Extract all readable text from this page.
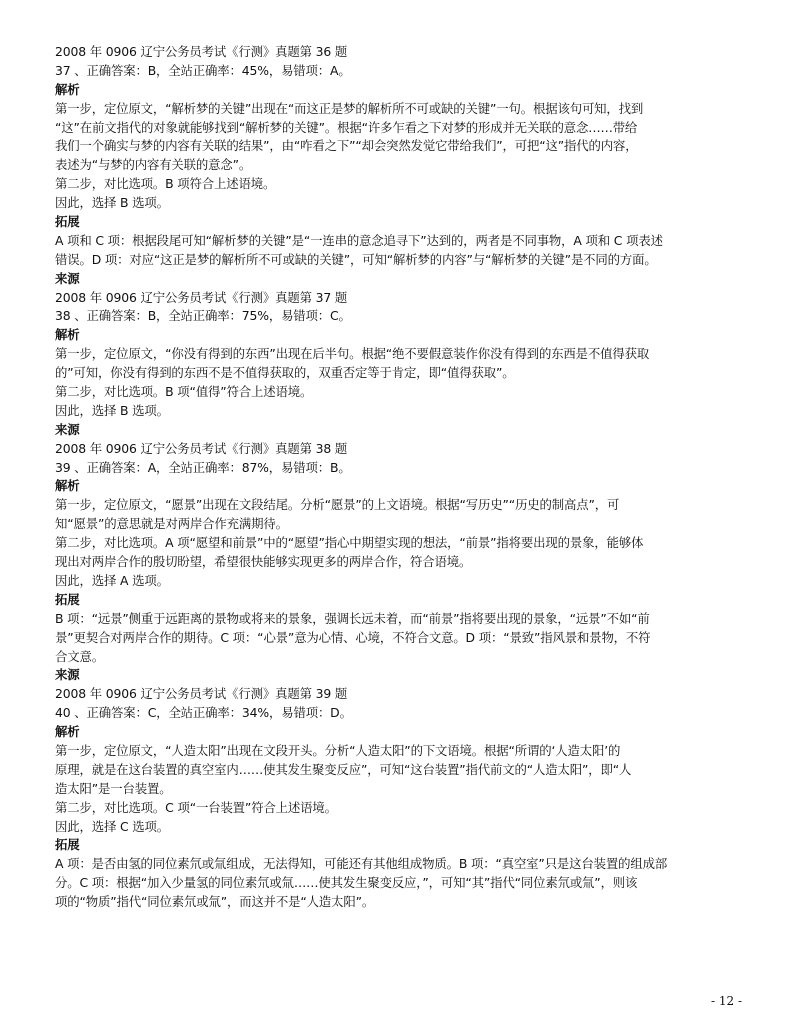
2008 年 0906 辽宁公务员考试《行测》真题第 36 题
37 、正确答案：B，全站正确率：45%，易错项：A。
解析
第一步，定位原文，“解析梦的关键”出现在“而这正是梦的解析所不可或缺的关键”一句。根据该句可知，找到
“这”在前文指代的对象就能够找到“解析梦的关键”。根据“许多乍看之下对梦的形成并无关联的意念……带给
我们一个确实与梦的内容有关联的结果”，由“咋看之下”“却会突然发觉它带给我们”，可把“这”指代的内容，
表述为“与梦的内容有关联的意念”。
第二步，对比选项。B 项符合上述语境。
因此，选择 B 选项。
拓展
A 项和 C 项：根据段尾可知“解析梦的关键”是“一连串的意念追寻下”达到的，两者是不同事物，A 项和 C 项表述
错误。D 项：对应“这正是梦的解析所不可或缺的关键”，可知“解析梦的内容”与“解析梦的关键”是不同的方面。
来源
2008 年 0906 辽宁公务员考试《行测》真题第 37 题
38 、正确答案：B，全站正确率：75%，易错项：C。
解析
第一步，定位原文，“你没有得到的东西”出现在后半句。根据“绝不要假意装作你没有得到的东西是不值得获取
的”可知，你没有得到的东西不是不值得获取的，双重否定等于肯定，即“值得获取”。
第二步，对比选项。B 项“值得”符合上述语境。
因此，选择 B 选项。
来源
2008 年 0906 辽宁公务员考试《行测》真题第 38 题
39 、正确答案：A，全站正确率：87%，易错项：B。
解析
第一步，定位原文，“愿景”出现在文段结尾。分析“愿景”的上文语境。根据“写历史”“历史的制高点”，可
知“愿景”的意思就是对两岸合作充满期待。
第二步，对比选项。A 项“愿望和前景”中的“愿望”指心中期望实现的想法，“前景”指将要出现的景象，能够体
现出对两岸合作的殷切盼望，希望很快能够实现更多的两岸合作，符合语境。
因此，选择 A 选项。
拓展
B 项：“远景”侧重于远距离的景物或将来的景象，强调长远未着，而“前景”指将要出现的景象，“远景”不如“前
景”更契合对两岸合作的期待。C 项：“心景”意为心情、心境，不符合文意。D 项：“景致”指风景和景物，不符
合文意。
来源
2008 年 0906 辽宁公务员考试《行测》真题第 39 题
40 、正确答案：C，全站正确率：34%，易错项：D。
解析
第一步，定位原文，“人造太阳”出现在文段开头。分析“人造太阳”的下文语境。根据“所谓的‘人造太阳’的
原理，就是在这台装置的真空室内……使其发生聚变反应”，可知“这台装置”指代前文的“人造太阳”，即“人
造太阳”是一台装置。
第二步，对比选项。C 项“一台装置”符合上述语境。
因此，选择 C 选项。
拓展
A 项：是否由氢的同位素氘或氚组成，无法得知，可能还有其他组成物质。B 项：“真空室”只是这台装置的组成部
分。C 项：根据“加入少量氢的同位素氘或氚……使其发生聚变反应，”，可知“其”指代“同位素氘或氚”，则该
项的“物质”指代“同位素氘或氚”，而这并不是“人造太阳”。
- 12 -
